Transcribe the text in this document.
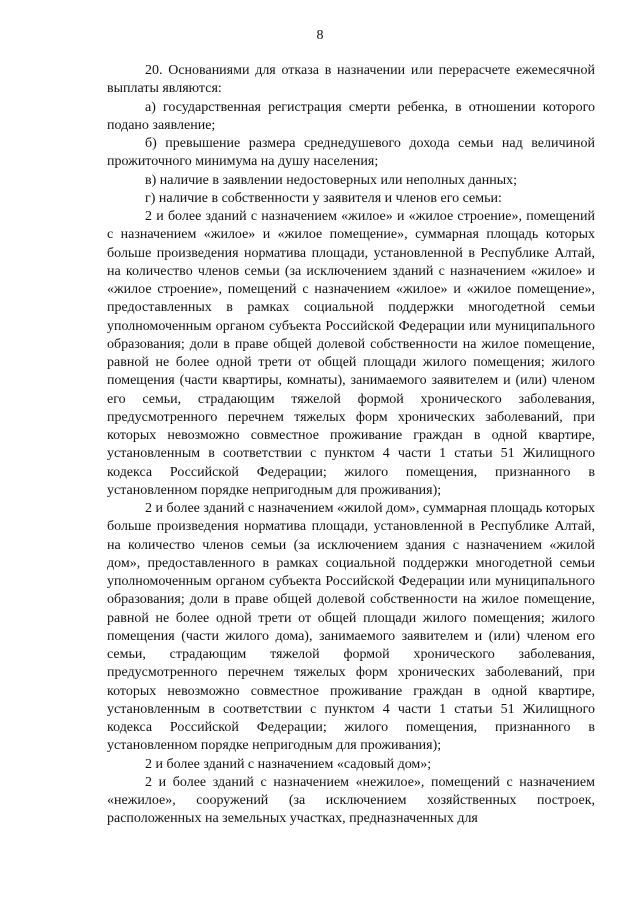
8

20. Основаниями для отказа в назначении или перерасчете ежемесячной выплаты являются:

а) государственная регистрация смерти ребенка, в отношении которого подано заявление;

б) превышение размера среднедушевого дохода семьи над величиной прожиточного минимума на душу населения;

в) наличие в заявлении недостоверных или неполных данных;

г) наличие в собственности у заявителя и членов его семьи:

2 и более зданий с назначением «жилое» и «жилое строение», помещений с назначением «жилое» и «жилое помещение», суммарная площадь которых больше произведения норматива площади, установленной в Республике Алтай, на количество членов семьи (за исключением зданий с назначением «жилое» и «жилое строение», помещений с назначением «жилое» и «жилое помещение», предоставленных в рамках социальной поддержки многодетной семьи уполномоченным органом субъекта Российской Федерации или муниципального образования; доли в праве общей долевой собственности на жилое помещение, равной не более одной трети от общей площади жилого помещения; жилого помещения (части квартиры, комнаты), занимаемого заявителем и (или) членом его семьи, страдающим тяжелой формой хронического заболевания, предусмотренного перечнем тяжелых форм хронических заболеваний, при которых невозможно совместное проживание граждан в одной квартире, установленным в соответствии с пунктом 4 части 1 статьи 51 Жилищного кодекса Российской Федерации; жилого помещения, признанного в установленном порядке непригодным для проживания);

2 и более зданий с назначением «жилой дом», суммарная площадь которых больше произведения норматива площади, установленной в Республике Алтай, на количество членов семьи (за исключением здания с назначением «жилой дом», предоставленного в рамках социальной поддержки многодетной семьи уполномоченным органом субъекта Российской Федерации или муниципального образования; доли в праве общей долевой собственности на жилое помещение, равной не более одной трети от общей площади жилого помещения; жилого помещения (части жилого дома), занимаемого заявителем и (или) членом его семьи, страдающим тяжелой формой хронического заболевания, предусмотренного перечнем тяжелых форм хронических заболеваний, при которых невозможно совместное проживание граждан в одной квартире, установленным в соответствии с пунктом 4 части 1 статьи 51 Жилищного кодекса Российской Федерации; жилого помещения, признанного в установленном порядке непригодным для проживания);

2 и более зданий с назначением «садовый дом»;

2 и более зданий с назначением «нежилое», помещений с назначением «нежилое», сооружений (за исключением хозяйственных построек, расположенных на земельных участках, предназначенных для
